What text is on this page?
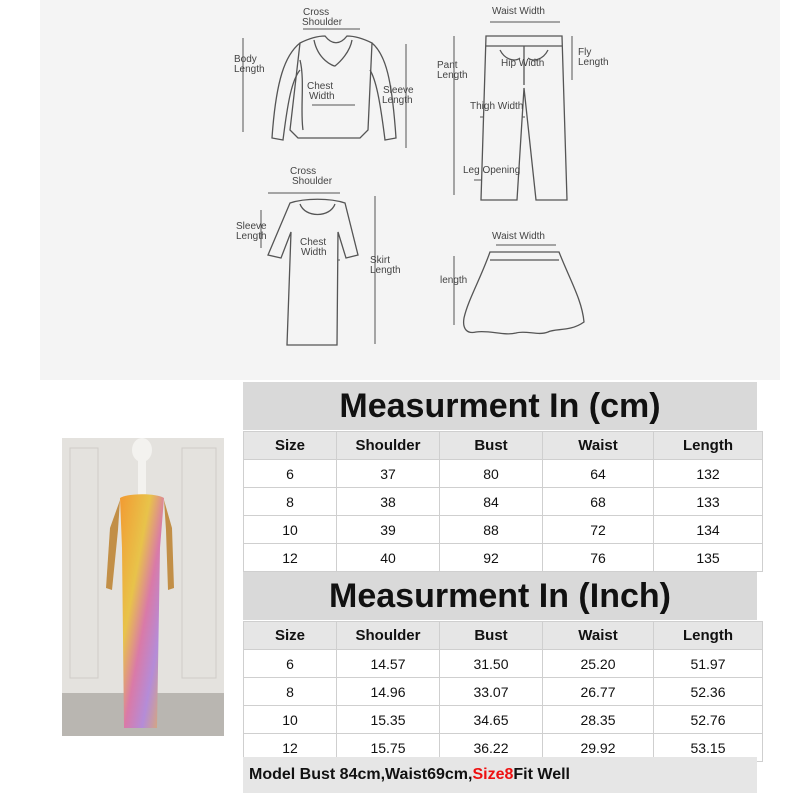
Cross
Shoulder
Body
Length
Chest
Width
Sleeve
Length
Waist Width
Pant
Length
Fly
Length
Hip Width
Thigh Width
Leg Opening
Cross
Shoulder
Sleeve
Length
Chest
Width
Skirt
Length
Waist Width
length
Measurment In (cm)
Size	Shoulder	Bust	Waist	Length
6	37	80	64	132
8	38	84	68	133
10	39	88	72	134
12	40	92	76	135
Measurment In (Inch)
Size	Shoulder	Bust	Waist	Length
6	14.57	31.50	25.20	51.97
8	14.96	33.07	26.77	52.36
10	15.35	34.65	28.35	52.76
12	15.75	36.22	29.92	53.15
Model Bust 84cm,Waist69cm, Size8 Fit Well
